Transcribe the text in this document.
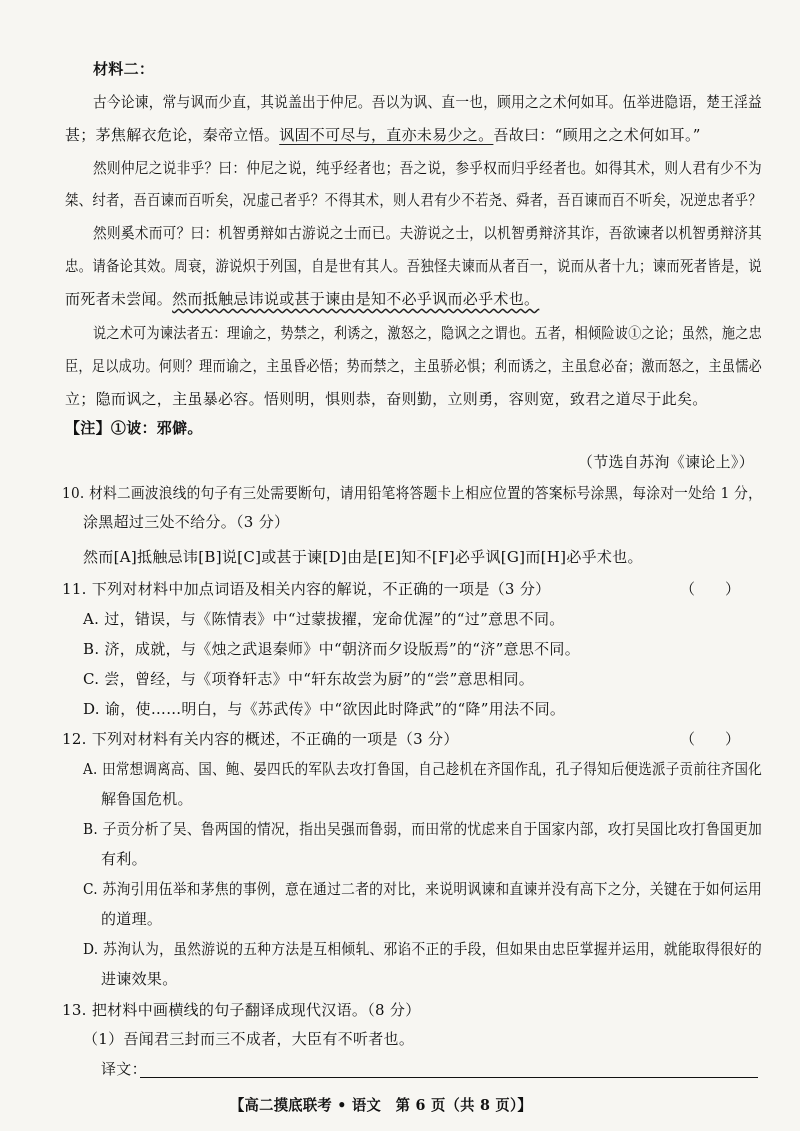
材料二：
古今论谏，常与讽而少直，其说盖出于仲尼。吾以为讽、直一也，顾用之之术何如耳。伍举进隐语，楚王淫益
甚；茅焦解衣危论，秦帝立悟。讽固不可尽与，直亦未易少之。吾故曰：“顾用之之术何如耳。”
然则仲尼之说非乎？曰：仲尼之说，纯乎经者也；吾之说，参乎权而归乎经者也。如得其术，则人君有少不为
桀、纣者，吾百谏而百听矣，况虚己者乎？不得其术，则人君有少不若尧、舜者，吾百谏而百不听矣，况逆忠者乎？
然则奚术而可？曰：机智勇辩如古游说之士而已。夫游说之士，以机智勇辩济其诈，吾欲谏者以机智勇辩济其
忠。请备论其效。周衰，游说炽于列国，自是世有其人。吾独怪夫谏而从者百一，说而从者十九；谏而死者皆是，说
而死者未尝闻。然而抵触忌讳说或甚于谏由是知不必乎讽而必乎术也。
说之术可为谏法者五：理谕之，势禁之，利诱之，激怒之，隐讽之之谓也。五者，相倾险诐①之论；虽然，施之忠
臣，足以成功。何则？理而谕之，主虽昏必悟；势而禁之，主虽骄必惧；利而诱之，主虽怠必奋；激而怒之，主虽懦必
立；隐而讽之，主虽暴必容。悟则明，惧则恭，奋则勤，立则勇，容则宽，致君之道尽于此矣。
【注】①诐：邪僻。
（节选自苏洵《谏论上》）
10. 材料二画波浪线的句子有三处需要断句，请用铅笔将答题卡上相应位置的答案标号涂黑，每涂对一处给 1 分，
涂黑超过三处不给分。（3 分）
然而[A]抵触忌讳[B]说[C]或甚于谏[D]由是[E]知不[F]必乎讽[G]而[H]必乎术也。
11. 下列对材料中加点词语及相关内容的解说，不正确的一项是（3 分）	（　　）
A. 过，错误，与《陈情表》中“过蒙拔擢，宠命优渥”的“过”意思不同。
B. 济，成就，与《烛之武退秦师》中“朝济而夕设版焉”的“济”意思不同。
C. 尝，曾经，与《项脊轩志》中“轩东故尝为厨”的“尝”意思相同。
D. 谕，使……明白，与《苏武传》中“欲因此时降武”的“降”用法不同。
12. 下列对材料有关内容的概述，不正确的一项是（3 分）	（　　）
A. 田常想调离高、国、鲍、晏四氏的军队去攻打鲁国，自己趁机在齐国作乱，孔子得知后便选派子贡前往齐国化
解鲁国危机。
B. 子贡分析了吴、鲁两国的情况，指出吴强而鲁弱，而田常的忧虑来自于国家内部，攻打吴国比攻打鲁国更加
有利。
C. 苏洵引用伍举和茅焦的事例，意在通过二者的对比，来说明讽谏和直谏并没有高下之分，关键在于如何运用
的道理。
D. 苏洵认为，虽然游说的五种方法是互相倾轧、邪谄不正的手段，但如果由忠臣掌握并运用，就能取得很好的
进谏效果。
13. 把材料中画横线的句子翻译成现代汉语。（8 分）
（1）吾闻君三封而三不成者，大臣有不听者也。
译文：
【高二摸底联考 • 语文　第 6 页（共 8 页）】
